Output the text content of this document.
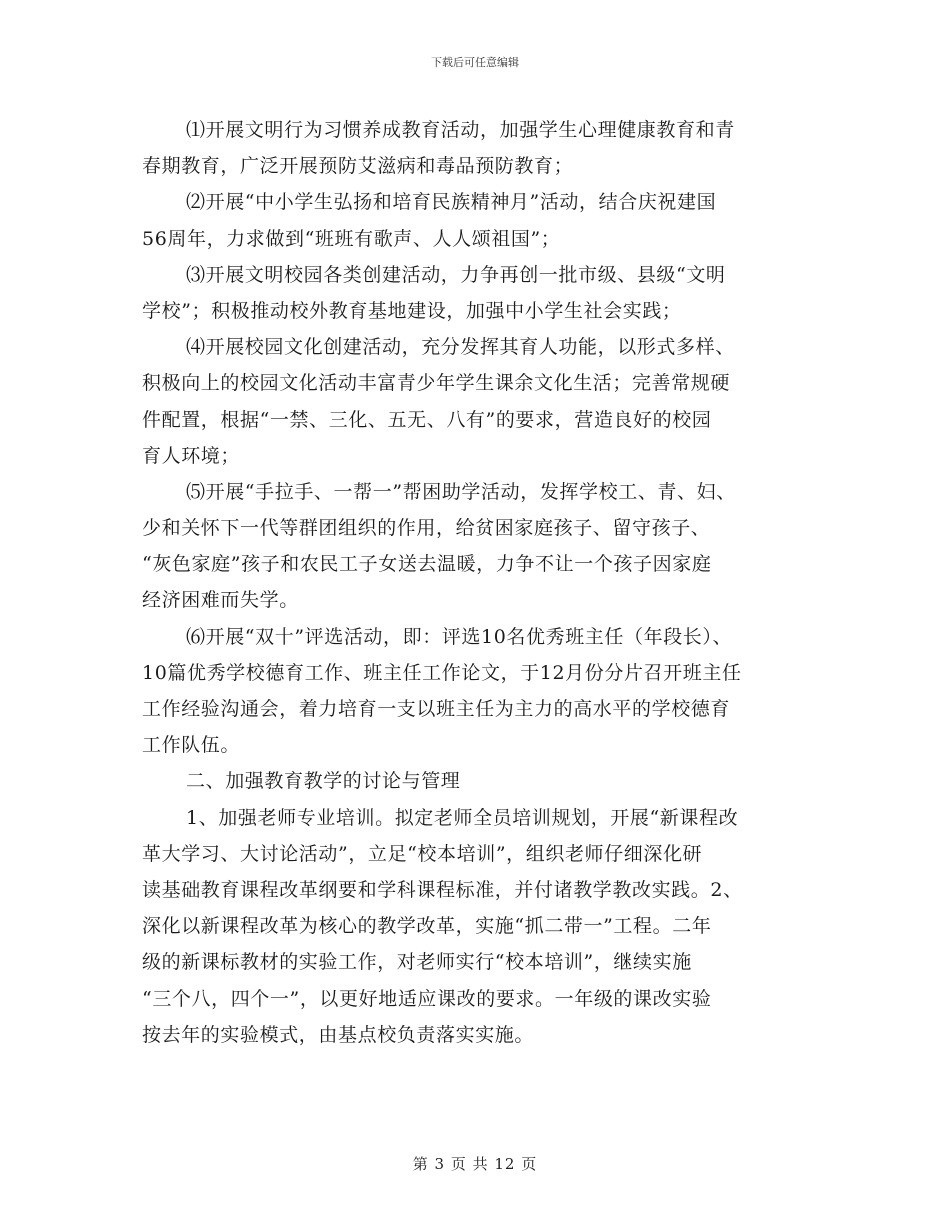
下载后可任意编辑
⑴开展文明行为习惯养成教育活动，加强学生心理健康教育和青
春期教育，广泛开展预防艾滋病和毒品预防教育；
⑵开展“中小学生弘扬和培育民族精神月”活动，结合庆祝建国
56周年，力求做到“班班有歌声、人人颂祖国”；
⑶开展文明校园各类创建活动，力争再创一批市级、县级“文明
学校”；积极推动校外教育基地建设，加强中小学生社会实践；
⑷开展校园文化创建活动，充分发挥其育人功能，以形式多样、
积极向上的校园文化活动丰富青少年学生课余文化生活；完善常规硬
件配置，根据“一禁、三化、五无、八有”的要求，营造良好的校园
育人环境；
⑸开展“手拉手、一帮一”帮困助学活动，发挥学校工、青、妇、
少和关怀下一代等群团组织的作用，给贫困家庭孩子、留守孩子、
“灰色家庭”孩子和农民工子女送去温暖，力争不让一个孩子因家庭
经济困难而失学。
⑹开展“双十”评选活动，即：评选10名优秀班主任（年段长）、
10篇优秀学校德育工作、班主任工作论文，于12月份分片召开班主任
工作经验沟通会，着力培育一支以班主任为主力的高水平的学校德育
工作队伍。
二、加强教育教学的讨论与管理
1、加强老师专业培训。拟定老师全员培训规划，开展“新课程改
革大学习、大讨论活动”，立足“校本培训”，组织老师仔细深化研
读基础教育课程改革纲要和学科课程标准，并付诸教学教改实践。2、
深化以新课程改革为核心的教学改革，实施“抓二带一”工程。二年
级的新课标教材的实验工作，对老师实行“校本培训”，继续实施
“三个八，四个一”，以更好地适应课改的要求。一年级的课改实验
按去年的实验模式，由基点校负责落实实施。
第 3 页 共 12 页
